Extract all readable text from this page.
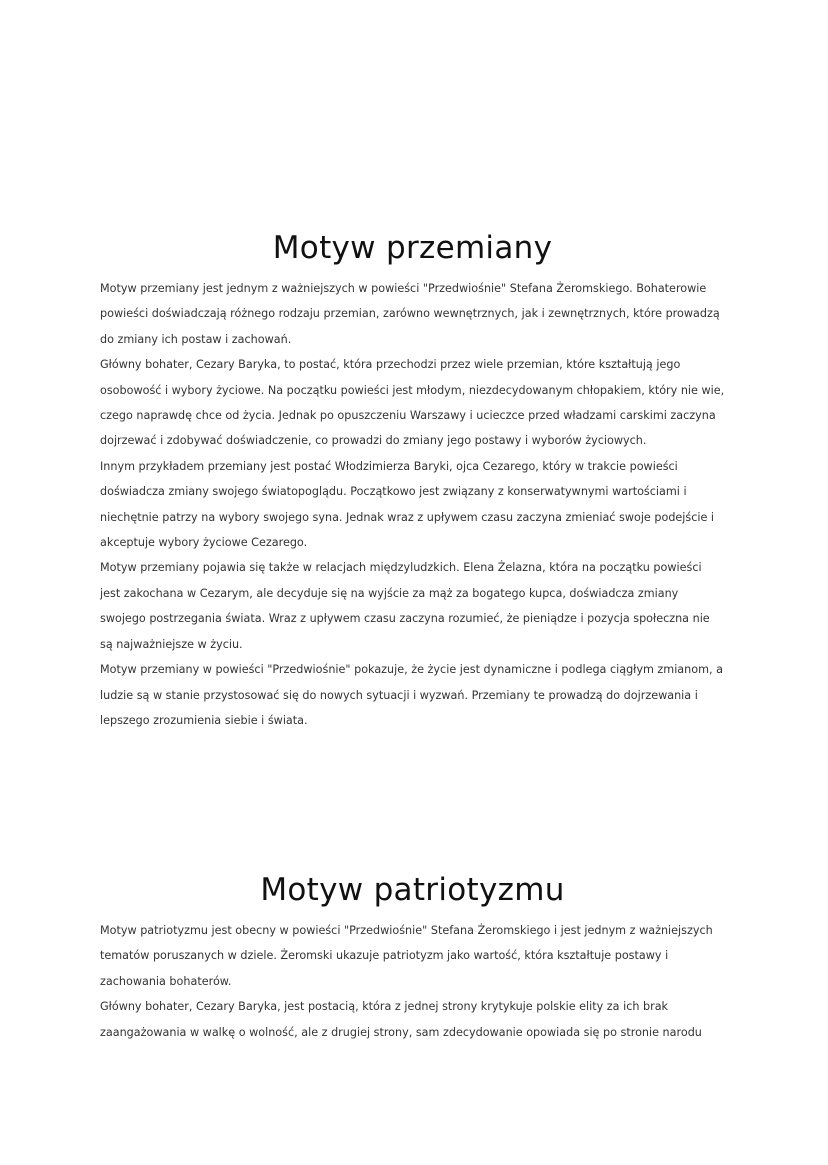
Motyw przemiany

Motyw przemiany jest jednym z ważniejszych w powieści "Przedwiośnie" Stefana Żeromskiego. Bohaterowie powieści doświadczają różnego rodzaju przemian, zarówno wewnętrznych, jak i zewnętrznych, które prowadzą do zmiany ich postaw i zachowań.

Główny bohater, Cezary Baryka, to postać, która przechodzi przez wiele przemian, które kształtują jego osobowość i wybory życiowe. Na początku powieści jest młodym, niezdecydowanym chłopakiem, który nie wie, czego naprawdę chce od życia. Jednak po opuszczeniu Warszawy i ucieczce przed władzami carskimi zaczyna dojrzewać i zdobywać doświadczenie, co prowadzi do zmiany jego postawy i wyborów życiowych.

Innym przykładem przemiany jest postać Włodzimierza Baryki, ojca Cezarego, który w trakcie powieści doświadcza zmiany swojego światopoglądu. Początkowo jest związany z konserwatywnymi wartościami i niechętnie patrzy na wybory swojego syna. Jednak wraz z upływem czasu zaczyna zmieniać swoje podejście i akceptuje wybory życiowe Cezarego.

Motyw przemiany pojawia się także w relacjach międzyludzkich. Elena Żelazna, która na początku powieści jest zakochana w Cezarym, ale decyduje się na wyjście za mąż za bogatego kupca, doświadcza zmiany swojego postrzegania świata. Wraz z upływem czasu zaczyna rozumieć, że pieniądze i pozycja społeczna nie są najważniejsze w życiu.

Motyw przemiany w powieści "Przedwiośnie" pokazuje, że życie jest dynamiczne i podlega ciągłym zmianom, a ludzie są w stanie przystosować się do nowych sytuacji i wyzwań. Przemiany te prowadzą do dojrzewania i lepszego zrozumienia siebie i świata.

Motyw patriotyzmu

Motyw patriotyzmu jest obecny w powieści "Przedwiośnie" Stefana Żeromskiego i jest jednym z ważniejszych tematów poruszanych w dziele. Żeromski ukazuje patriotyzm jako wartość, która kształtuje postawy i zachowania bohaterów.

Główny bohater, Cezary Baryka, jest postacią, która z jednej strony krytykuje polskie elity za ich brak zaangażowania w walkę o wolność, ale z drugiej strony, sam zdecydowanie opowiada się po stronie narodu
